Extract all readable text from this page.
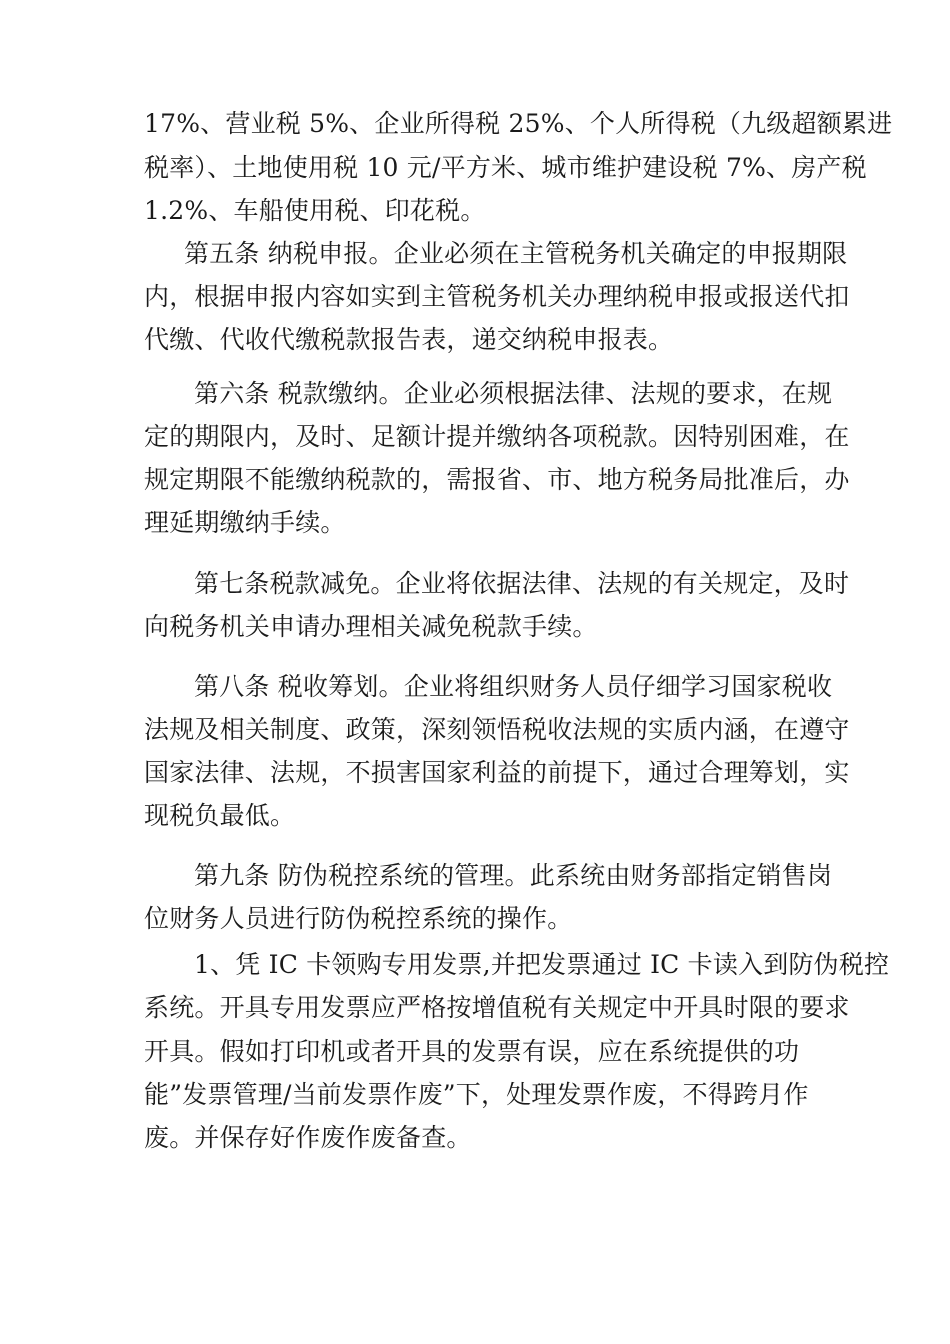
17%、营业税 5%、企业所得税 25%、个人所得税（九级超额累进
税率）、土地使用税 10 元/平方米、城市维护建设税 7%、房产税
1.2%、车船使用税、印花税。
第五条 纳税申报。企业必须在主管税务机关确定的申报期限
内，根据申报内容如实到主管税务机关办理纳税申报或报送代扣
代缴、代收代缴税款报告表，递交纳税申报表。
第六条 税款缴纳。企业必须根据法律、法规的要求，在规
定的期限内，及时、足额计提并缴纳各项税款。因特别困难，在
规定期限不能缴纳税款的，需报省、市、地方税务局批准后，办
理延期缴纳手续。
第七条税款减免。企业将依据法律、法规的有关规定，及时
向税务机关申请办理相关减免税款手续。
第八条 税收筹划。企业将组织财务人员仔细学习国家税收
法规及相关制度、政策，深刻领悟税收法规的实质内涵，在遵守
国家法律、法规，不损害国家利益的前提下，通过合理筹划，实
现税负最低。
第九条 防伪税控系统的管理。此系统由财务部指定销售岗
位财务人员进行防伪税控系统的操作。
1、凭 IC 卡领购专用发票,并把发票通过 IC 卡读入到防伪税控
系统。开具专用发票应严格按增值税有关规定中开具时限的要求
开具。假如打印机或者开具的发票有误，应在系统提供的功
能”发票管理/当前发票作废”下，处理发票作废，不得跨月作
废。并保存好作废作废备查。
